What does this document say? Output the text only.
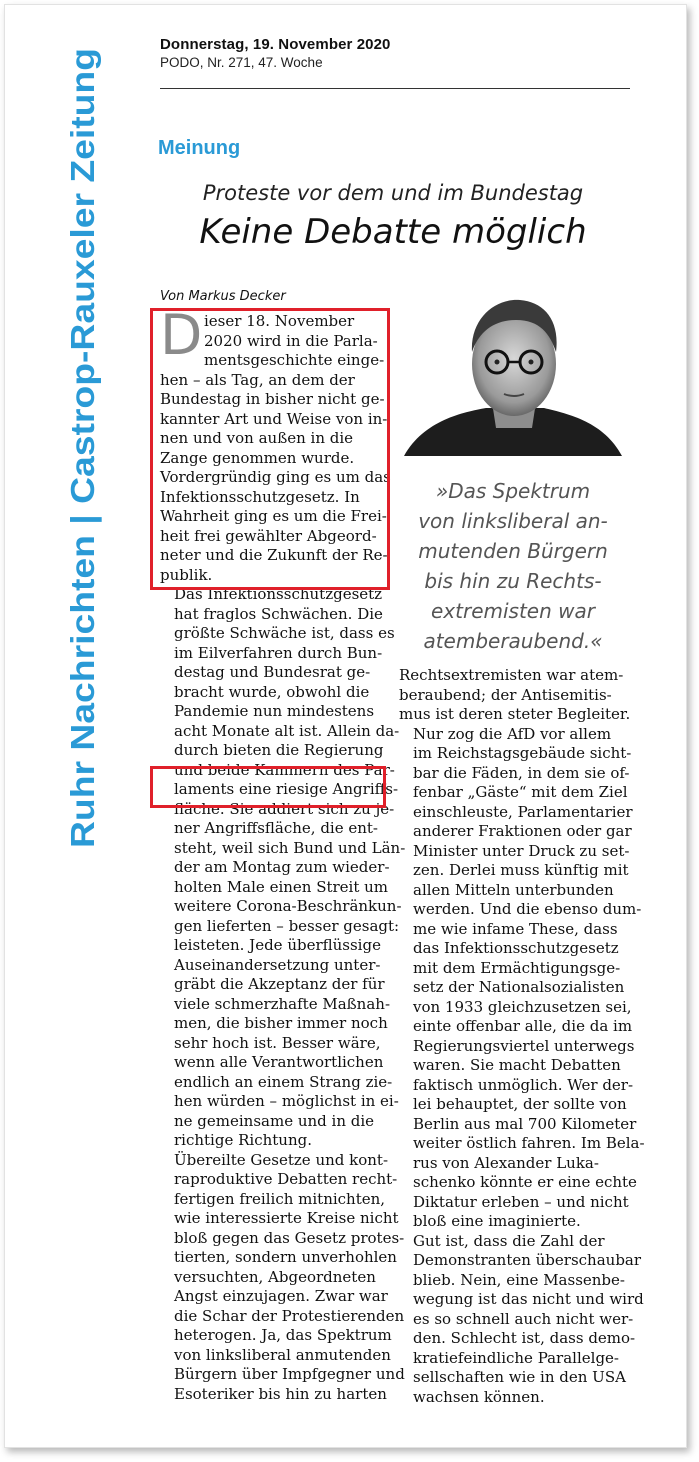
Ruhr Nachrichten | Castrop-Rauxeler Zeitung
Donnerstag, 19. November 2020
PODO, Nr. 271, 47. Woche
Meinung
Proteste vor dem und im Bundestag
Keine Debatte möglich
Von Markus Decker
D ieser 18. November
2020 wird in die Parla-
mentsgeschichte einge-
hen – als Tag, an dem der
Bundestag in bisher nicht ge-
kannter Art und Weise von in-
nen und von außen in die
Zange genommen wurde.
Vordergründig ging es um das
Infektionsschutzgesetz. In
Wahrheit ging es um die Frei-
heit frei gewählter Abgeord-
neter und die Zukunft der Re-
publik.
Das Infektionsschutzgesetz
hat fraglos Schwächen. Die
größte Schwäche ist, dass es
im Eilverfahren durch Bun-
destag und Bundesrat ge-
bracht wurde, obwohl die
Pandemie nun mindestens
acht Monate alt ist. Allein da-
durch bieten die Regierung
und beide Kammern des Par-
laments eine riesige Angriffs-
fläche. Sie addiert sich zu je-
ner Angriffsfläche, die ent-
steht, weil sich Bund und Län-
der am Montag zum wieder-
holten Male einen Streit um
weitere Corona-Beschränkun-
gen lieferten – besser gesagt:
leisteten. Jede überflüssige
Auseinandersetzung unter-
gräbt die Akzeptanz der für
viele schmerzhafte Maßnah-
men, die bisher immer noch
sehr hoch ist. Besser wäre,
wenn alle Verantwortlichen
endlich an einem Strang zie-
hen würden – möglichst in ei-
ne gemeinsame und in die
richtige Richtung.
Übereilte Gesetze und kont-
raproduktive Debatten recht-
fertigen freilich mitnichten,
wie interessierte Kreise nicht
bloß gegen das Gesetz protes-
tierten, sondern unverhohlen
versuchten, Abgeordneten
Angst einzujagen. Zwar war
die Schar der Protestierenden
heterogen. Ja, das Spektrum
von linksliberal anmutenden
Bürgern über Impfgegner und
Esoteriker bis hin zu harten
Rechtsextremisten war atem-
beraubend; der Antisemitis-
mus ist deren steter Begleiter.
Nur zog die AfD vor allem
im Reichstagsgebäude sicht-
bar die Fäden, in dem sie of-
fenbar „Gäste“ mit dem Ziel
einschleuste, Parlamentarier
anderer Fraktionen oder gar
Minister unter Druck zu set-
zen. Derlei muss künftig mit
allen Mitteln unterbunden
werden. Und die ebenso dum-
me wie infame These, dass
das Infektionsschutzgesetz
mit dem Ermächtigungsge-
setz der Nationalsozialisten
von 1933 gleichzusetzen sei,
einte offenbar alle, die da im
Regierungsviertel unterwegs
waren. Sie macht Debatten
faktisch unmöglich. Wer der-
lei behauptet, der sollte von
Berlin aus mal 700 Kilometer
weiter östlich fahren. Im Bela-
rus von Alexander Luka-
schenko könnte er eine echte
Diktatur erleben – und nicht
bloß eine imaginierte.
Gut ist, dass die Zahl der
Demonstranten überschaubar
blieb. Nein, eine Massenbe-
wegung ist das nicht und wird
es so schnell auch nicht wer-
den. Schlecht ist, dass demo-
kratiefeindliche Parallelge-
sellschaften wie in den USA
wachsen können.
»Das Spektrum
von linksliberal an-
mutenden Bürgern
bis hin zu Rechts-
extremisten war
atemberaubend.«
